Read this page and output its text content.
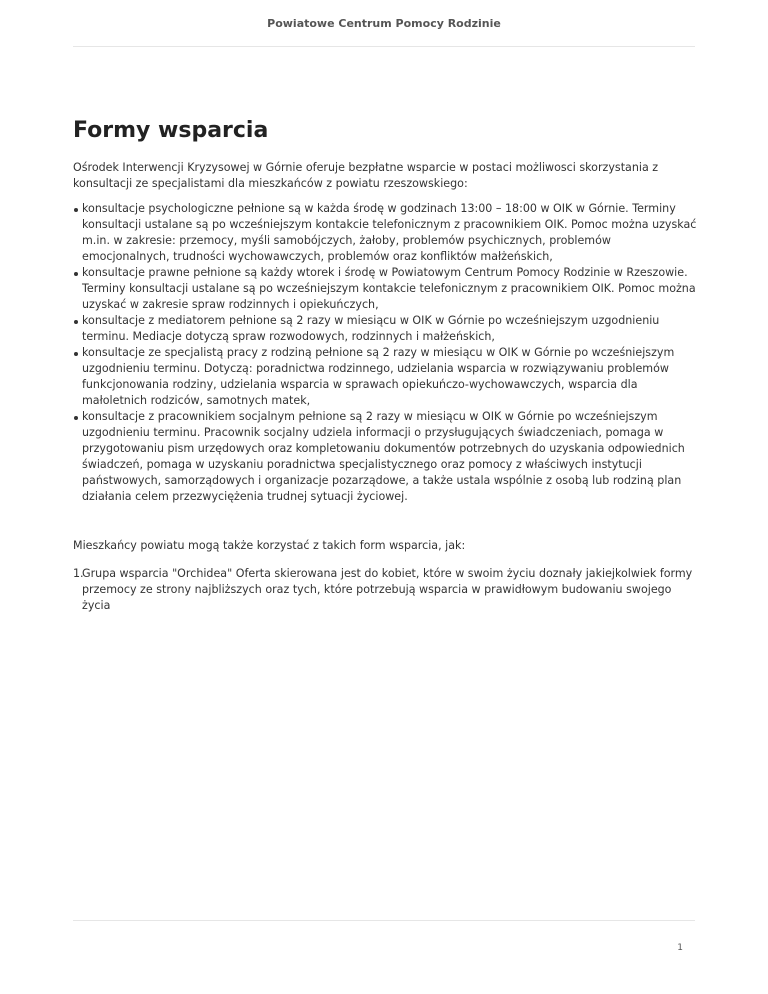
Powiatowe Centrum Pomocy Rodzinie
Formy wsparcia

Ośrodek Interwencji Kryzysowej w Górnie oferuje bezpłatne wsparcie w postaci możliwosci skorzystania z konsultacji ze specjalistami dla mieszkańców z powiatu rzeszowskiego:

konsultacje psychologiczne pełnione są w każda środę w godzinach 13:00 – 18:00 w OIK w Górnie. Terminy konsultacji ustalane są po wcześniejszym kontakcie telefonicznym z pracownikiem OIK. Pomoc można uzyskać m.in. w zakresie: przemocy, myśli samobójczych, żałoby, problemów psychicznych, problemów emocjonalnych, trudności wychowawczych, problemów oraz konfliktów małżeńskich,
konsultacje prawne pełnione są każdy wtorek i środę w Powiatowym Centrum Pomocy Rodzinie w Rzeszowie. Terminy konsultacji ustalane są po wcześniejszym kontakcie telefonicznym z pracownikiem OIK. Pomoc można uzyskać w zakresie spraw rodzinnych i opiekuńczych,
konsultacje z mediatorem pełnione są 2 razy w miesiącu w OIK w Górnie po wcześniejszym uzgodnieniu terminu. Mediacje dotyczą spraw rozwodowych, rodzinnych i małżeńskich,
konsultacje ze specjalistą pracy z rodziną pełnione są 2 razy w miesiącu w OIK w Górnie po wcześniejszym uzgodnieniu terminu. Dotyczą: poradnictwa rodzinnego, udzielania wsparcia w rozwiązywaniu problemów funkcjonowania rodziny, udzielania wsparcia w sprawach opiekuńczo-wychowawczych, wsparcia dla małoletnich rodziców, samotnych matek,
konsultacje z pracownikiem socjalnym pełnione są 2 razy w miesiącu w OIK w Górnie po wcześniejszym uzgodnieniu terminu. Pracownik socjalny udziela informacji o przysługujących świadczeniach, pomaga w przygotowaniu pism urzędowych oraz kompletowaniu dokumentów potrzebnych do uzyskania odpowiednich świadczeń, pomaga w uzyskaniu poradnictwa specjalistycznego oraz pomocy z właściwych instytucji państwowych, samorządowych i organizacje pozarządowe, a także ustala wspólnie z osobą lub rodziną plan działania celem przezwyciężenia trudnej sytuacji życiowej.

Mieszkańcy powiatu mogą także korzystać z takich form wsparcia, jak:

1.
Grupa wsparcia "Orchidea" Oferta skierowana jest do kobiet, które w swoim życiu doznały jakiejkolwiek formy przemocy ze strony najbliższych oraz tych, które potrzebują wsparcia w prawidłowym budowaniu swojego życia
1
